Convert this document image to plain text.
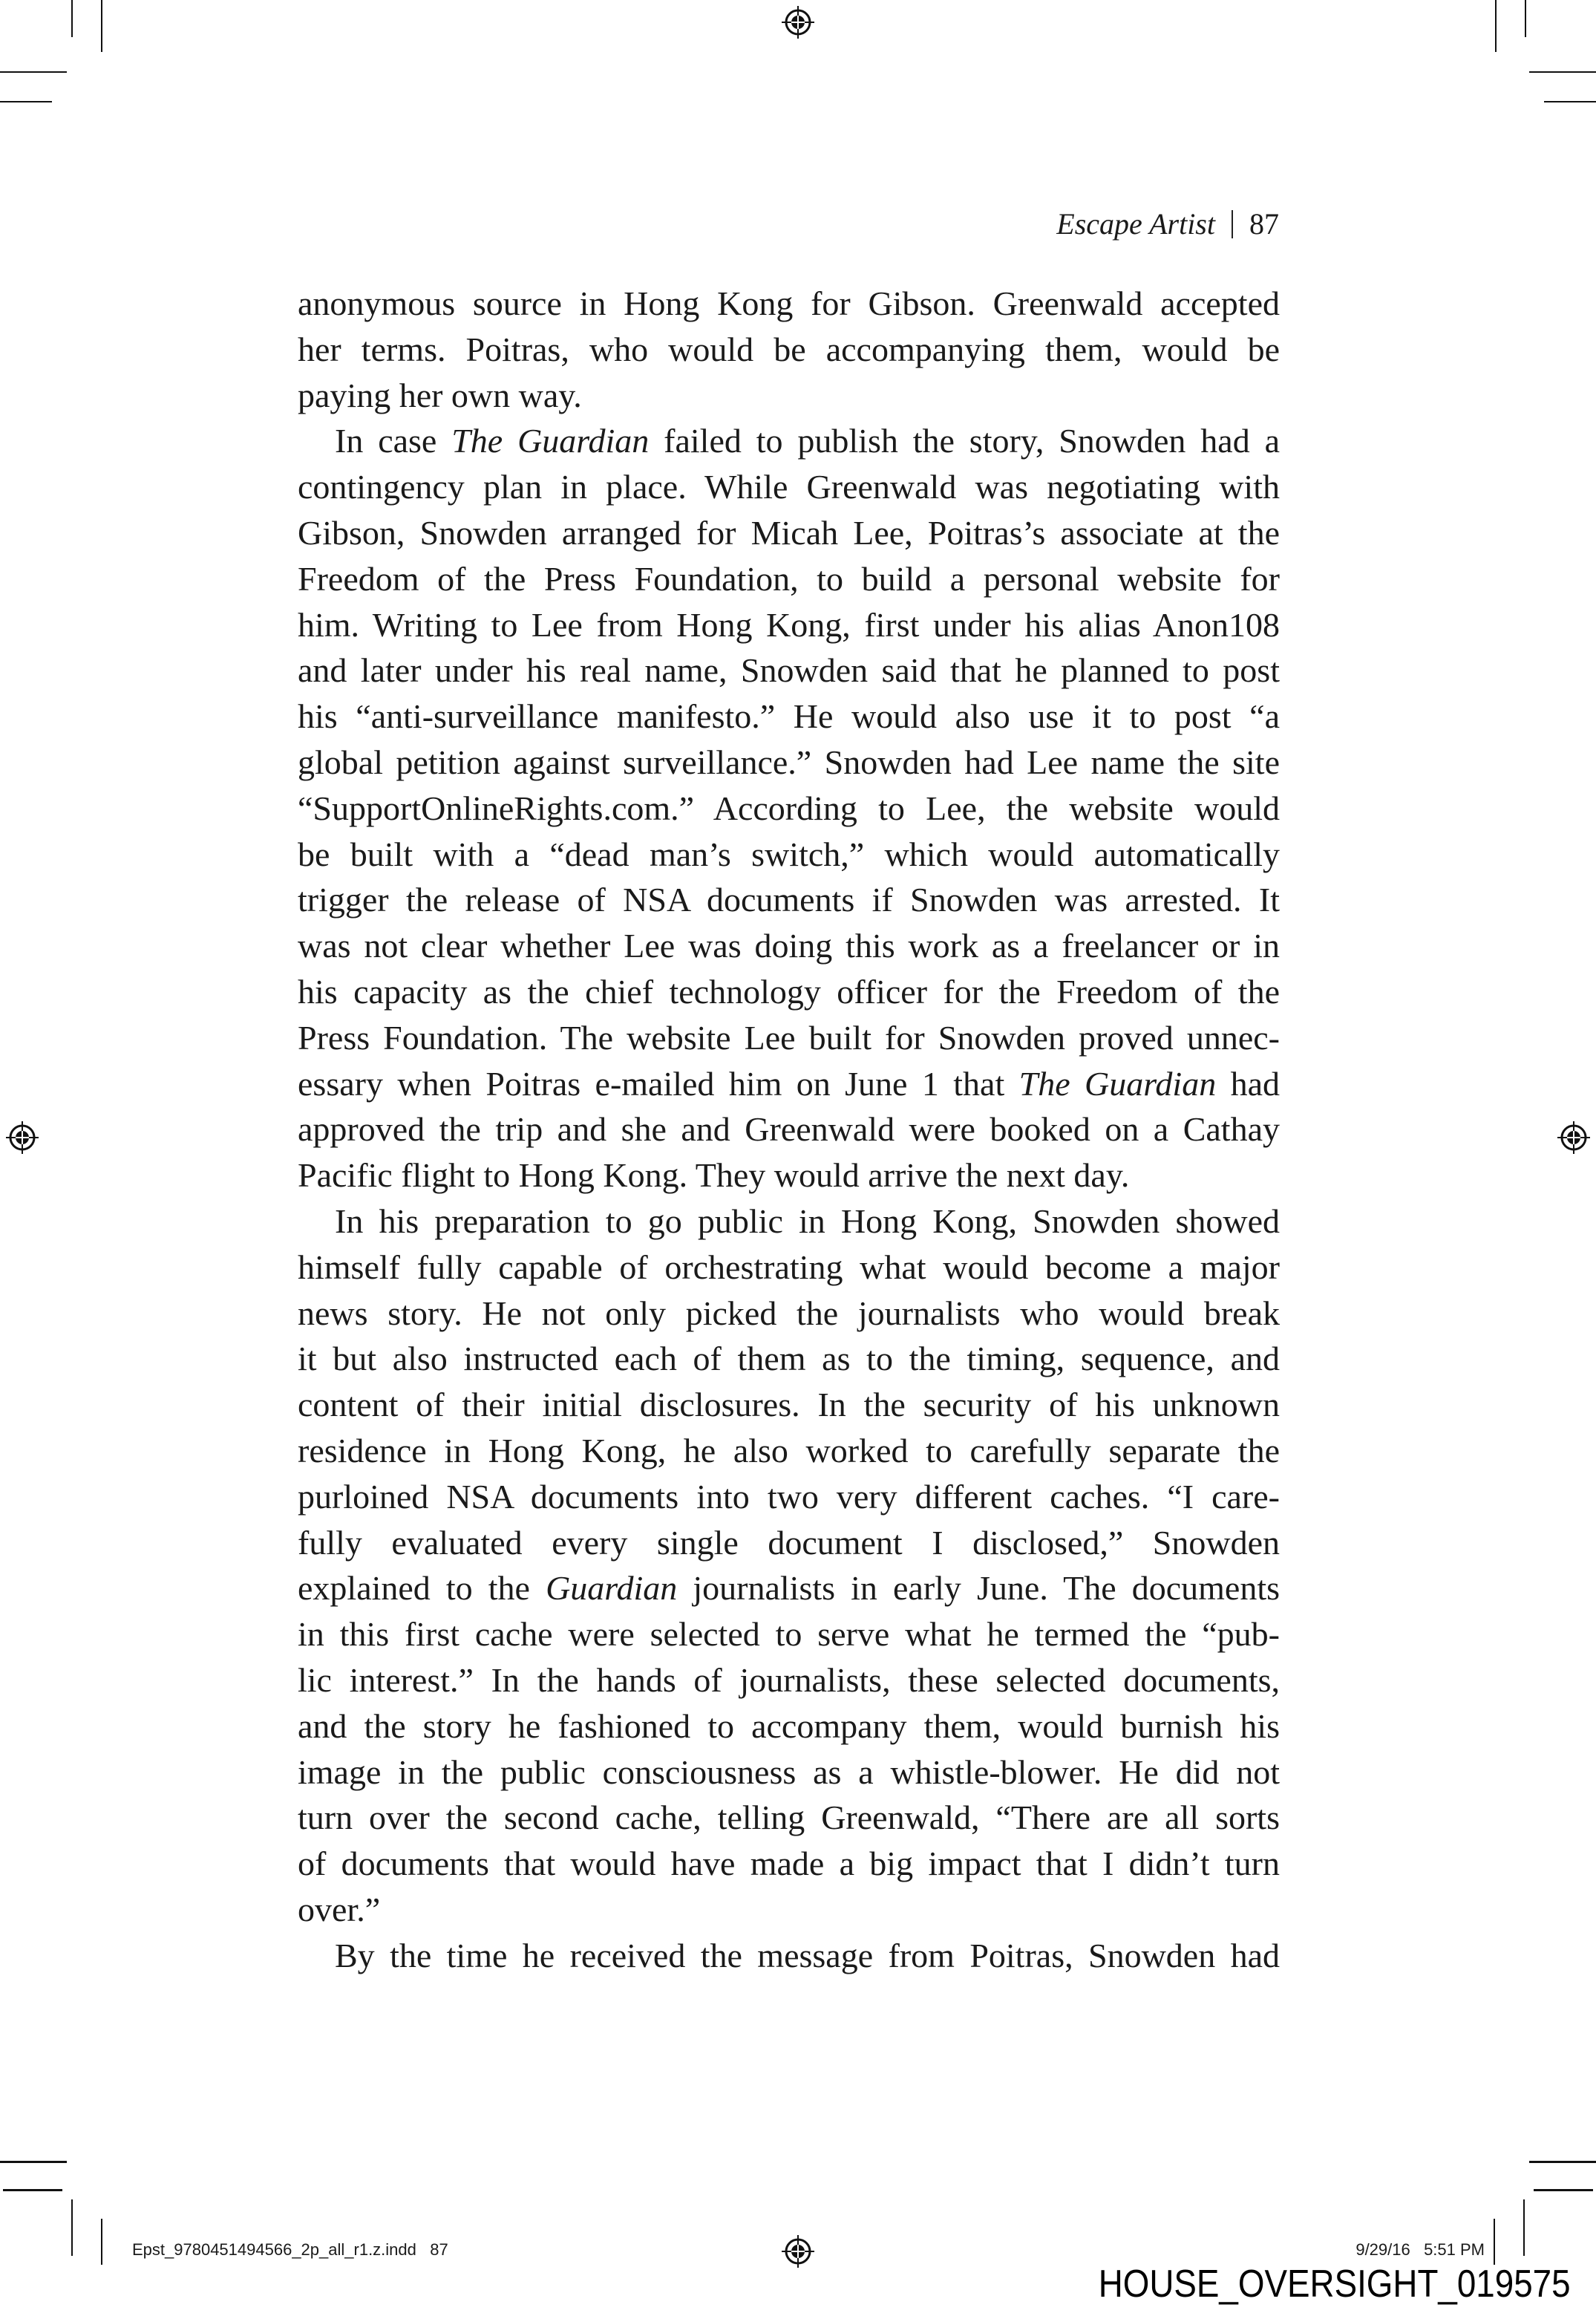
Escape Artist 87
anonymous source in Hong Kong for Gibson. Greenwald accepted
her terms. Poitras, who would be accompanying them, would be
paying her own way.
In case The Guardian failed to publish the story, Snowden had a
contingency plan in place. While Greenwald was negotiating with
Gibson, Snowden arranged for Micah Lee, Poitras’s associate at the
Freedom of the Press Foundation, to build a personal website for
him. Writing to Lee from Hong Kong, first under his alias Anon108
and later under his real name, Snowden said that he planned to post
his “anti-surveillance manifesto.” He would also use it to post “a
global petition against surveillance.” Snowden had Lee name the site
“SupportOnlineRights.com.” According to Lee, the website would
be built with a “dead man’s switch,” which would automatically
trigger the release of NSA documents if Snowden was arrested. It
was not clear whether Lee was doing this work as a freelancer or in
his capacity as the chief technology officer for the Freedom of the
Press Foundation. The website Lee built for Snowden proved unnec-
essary when Poitras e-mailed him on June 1 that The Guardian had
approved the trip and she and Greenwald were booked on a Cathay
Pacific flight to Hong Kong. They would arrive the next day.
In his preparation to go public in Hong Kong, Snowden showed
himself fully capable of orchestrating what would become a major
news story. He not only picked the journalists who would break
it but also instructed each of them as to the timing, sequence, and
content of their initial disclosures. In the security of his unknown
residence in Hong Kong, he also worked to carefully separate the
purloined NSA documents into two very different caches. “I care-
fully evaluated every single document I disclosed,” Snowden
explained to the Guardian journalists in early June. The documents
in this first cache were selected to serve what he termed the “pub-
lic interest.” In the hands of journalists, these selected documents,
and the story he fashioned to accompany them, would burnish his
image in the public consciousness as a whistle-blower. He did not
turn over the second cache, telling Greenwald, “There are all sorts
of documents that would have made a big impact that I didn’t turn
over.”
By the time he received the message from Poitras, Snowden had
Epst_9780451494566_2p_all_r1.z.indd   87	9/29/16   5:51 PM
HOUSE_OVERSIGHT_019575
